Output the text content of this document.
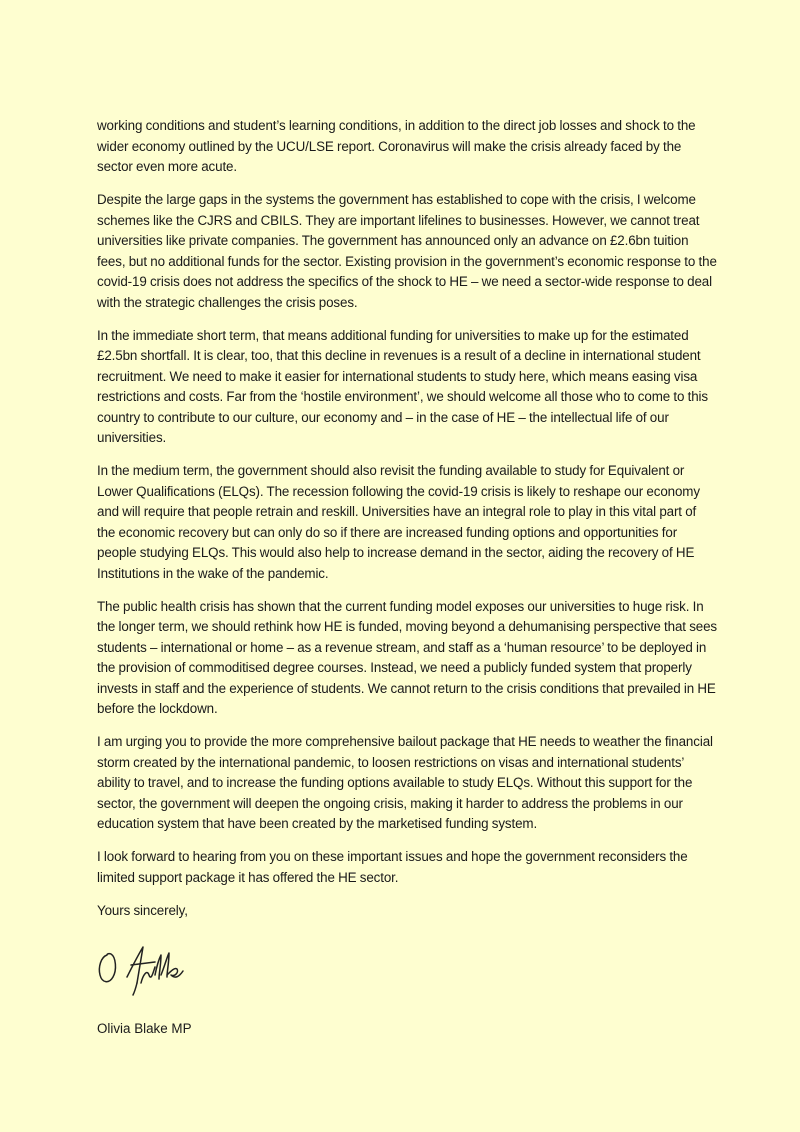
working conditions and student’s learning conditions, in addition to the direct job losses and shock to the wider economy outlined by the UCU/LSE report. Coronavirus will make the crisis already faced by the sector even more acute.

Despite the large gaps in the systems the government has established to cope with the crisis, I welcome schemes like the CJRS and CBILS. They are important lifelines to businesses. However, we cannot treat universities like private companies. The government has announced only an advance on £2.6bn tuition fees, but no additional funds for the sector. Existing provision in the government’s economic response to the covid-19 crisis does not address the specifics of the shock to HE – we need a sector-wide response to deal with the strategic challenges the crisis poses.

In the immediate short term, that means additional funding for universities to make up for the estimated £2.5bn shortfall. It is clear, too, that this decline in revenues is a result of a decline in international student recruitment. We need to make it easier for international students to study here, which means easing visa restrictions and costs. Far from the ‘hostile environment’, we should welcome all those who to come to this country to contribute to our culture, our economy and – in the case of HE – the intellectual life of our universities.

In the medium term, the government should also revisit the funding available to study for Equivalent or Lower Qualifications (ELQs). The recession following the covid-19 crisis is likely to reshape our economy and will require that people retrain and reskill. Universities have an integral role to play in this vital part of the economic recovery but can only do so if there are increased funding options and opportunities for people studying ELQs. This would also help to increase demand in the sector, aiding the recovery of HE Institutions in the wake of the pandemic.

The public health crisis has shown that the current funding model exposes our universities to huge risk. In the longer term, we should rethink how HE is funded, moving beyond a dehumanising perspective that sees students – international or home – as a revenue stream, and staff as a ‘human resource’ to be deployed in the provision of commoditised degree courses. Instead, we need a publicly funded system that properly invests in staff and the experience of students. We cannot return to the crisis conditions that prevailed in HE before the lockdown.

I am urging you to provide the more comprehensive bailout package that HE needs to weather the financial storm created by the international pandemic, to loosen restrictions on visas and international students’ ability to travel, and to increase the funding options available to study ELQs. Without this support for the sector, the government will deepen the ongoing crisis, making it harder to address the problems in our education system that have been created by the marketised funding system.

I look forward to hearing from you on these important issues and hope the government reconsiders the limited support package it has offered the HE sector.

Yours sincerely,

Olivia Blake MP
